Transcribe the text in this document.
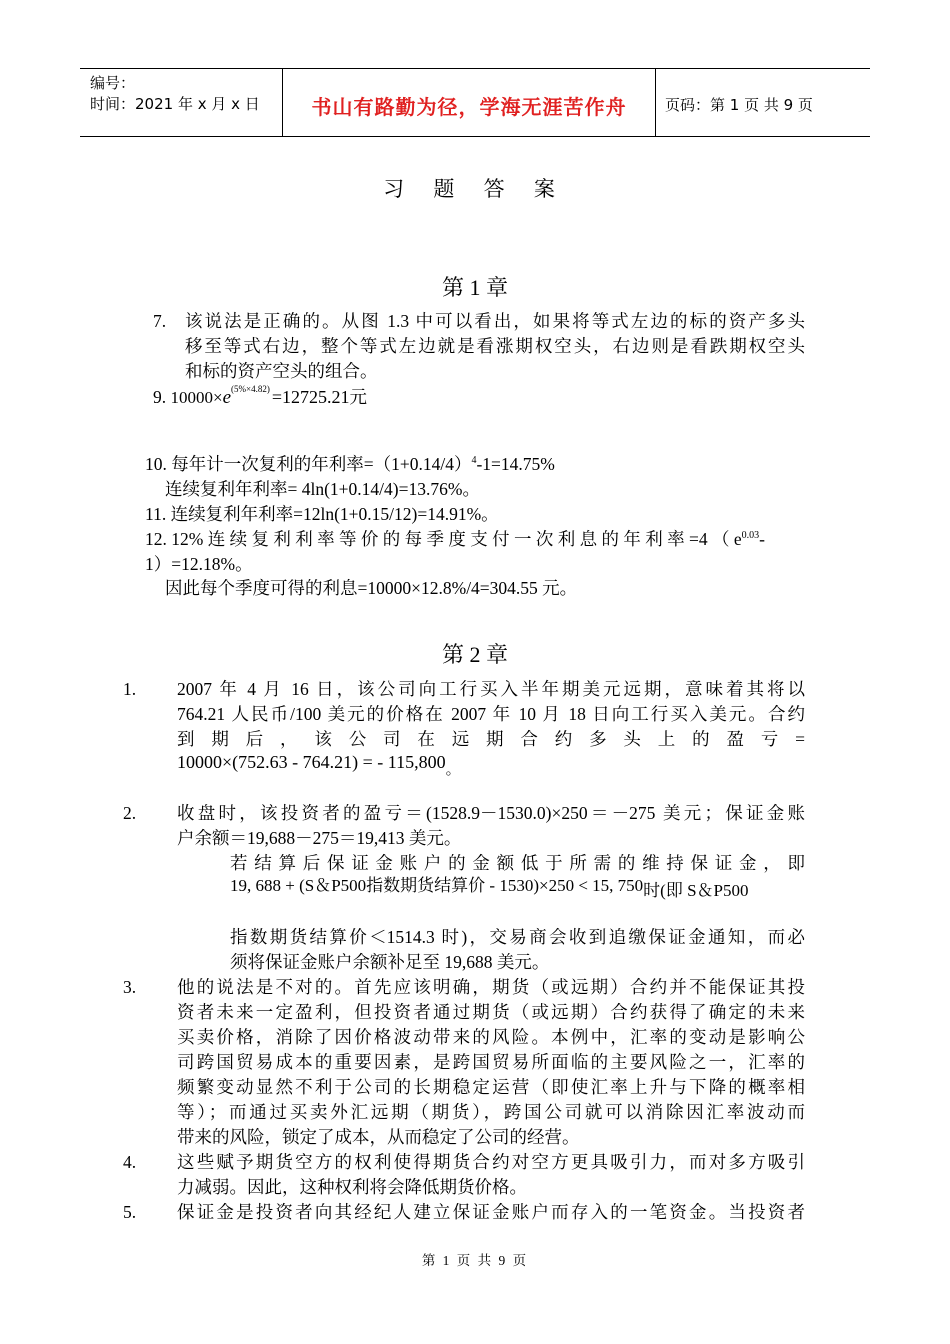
编号：
时间：2021 年 x 月 x 日	书山有路勤为径，学海无涯苦作舟	页码：第 1 页 共 9 页
习 题 答 案
第 1 章
7. 该说法是正确的。从图 1.3 中可以看出，如果将等式左边的标的资产多头
移至等式右边，整个等式左边就是看涨期权空头，右边则是看跌期权空头
和标的资产空头的组合。
9. $10000\times e^{(5\%\times 4.82)} =12725.21$元
10. 每年计一次复利的年利率$=(1+0.14/4)^4-1=14.75\%$
连续复利年利率= 4ln(1+0.14/4)=13.76%。
11. 连续复利年利率=12ln(1+0.15/12)=14.91%。
12. 12% 连 续 复 利 利 率 等 价 的 每 季 度 支 付 一 次 利 息 的 年 利 率 =4 （ $e^{0.03}-$
1）=12.18%。
因此每个季度可得的利息=10000×12.8%/4=304.55 元。
第 2 章
1. 2007 年 4 月 16 日，该公司向工行买入半年期美元远期，意味着其将以
764.21 人民币/100 美元的价格在 2007 年 10 月 18 日向工行买入美元。合约
到 期 后 ， 该 公 司 在 远 期 合 约 多 头 上 的 盈 亏 =
10000×(752.63 - 764.21) = - 115,800。
2. 收盘时，该投资者的盈亏＝(1528.9－1530.0)×250＝－275 美元；保证金账
户余额＝19,688－275＝19,413 美元。
若 结 算 后 保 证 金 账 户 的 金 额 低 于 所 需 的 维 持 保 证 金 ， 即
19, 688 + (S＆P500指数期货结算价 - 1530)×250 < 15, 750时(即 S＆P500
指数期货结算价＜1514.3 时)，交易商会收到追缴保证金通知，而必
须将保证金账户余额补足至 19,688 美元。
3. 他的说法是不对的。首先应该明确，期货（或远期）合约并不能保证其投
资者未来一定盈利，但投资者通过期货（或远期）合约获得了确定的未来
买卖价格，消除了因价格波动带来的风险。本例中，汇率的变动是影响公
司跨国贸易成本的重要因素，是跨国贸易所面临的主要风险之一，汇率的
频繁变动显然不利于公司的长期稳定运营（即使汇率上升与下降的概率相
等）；而通过买卖外汇远期（期货），跨国公司就可以消除因汇率波动而
带来的风险，锁定了成本，从而稳定了公司的经营。
4. 这些赋予期货空方的权利使得期货合约对空方更具吸引力，而对多方吸引
力减弱。因此，这种权利将会降低期货价格。
5. 保证金是投资者向其经纪人建立保证金账户而存入的一笔资金。当投资者
第 1 页 共 9 页
